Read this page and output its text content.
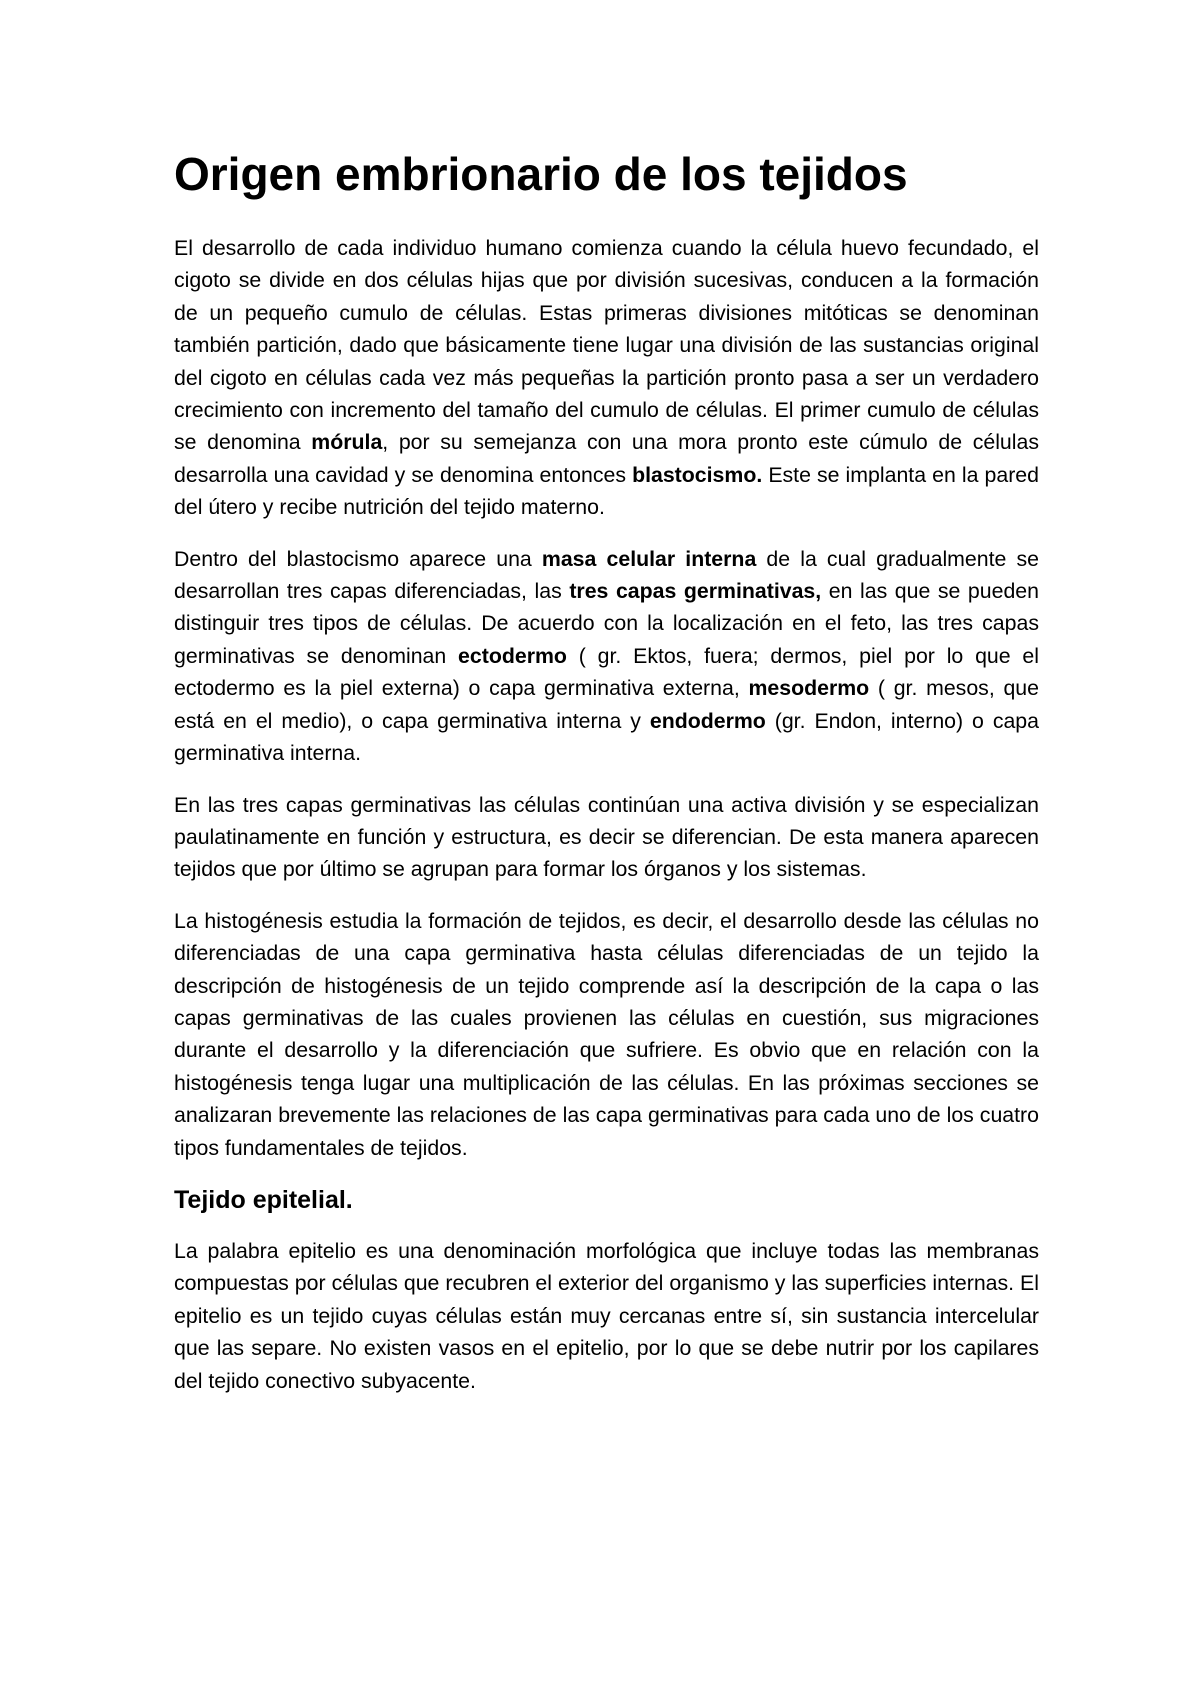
Origen embrionario de los tejidos

El desarrollo de cada individuo humano comienza cuando la célula huevo fecundado, el cigoto se divide en dos células hijas que por división sucesivas, conducen a la formación de un pequeño cumulo de células. Estas primeras divisiones mitóticas se denominan también partición, dado que básicamente tiene lugar una división de las sustancias original del cigoto en células cada vez más pequeñas la partición pronto pasa a ser un verdadero crecimiento con incremento del tamaño del cumulo de células. El primer cumulo de células se denomina mórula, por su semejanza con una mora pronto este cúmulo de células desarrolla una cavidad y se denomina entonces blastocismo. Este se implanta en la pared del útero y recibe nutrición del tejido materno.

Dentro del blastocismo aparece una masa celular interna de la cual gradualmente se desarrollan tres capas diferenciadas, las tres capas germinativas, en las que se pueden distinguir tres tipos de células. De acuerdo con la localización en el feto, las tres capas germinativas se denominan ectodermo ( gr. Ektos, fuera; dermos, piel por lo que el ectodermo es la piel externa) o capa germinativa externa, mesodermo ( gr. mesos, que está en el medio), o capa germinativa interna y endodermo (gr. Endon, interno) o capa germinativa interna.

En las tres capas germinativas las células continúan una activa división y se especializan paulatinamente en función y estructura, es decir se diferencian. De esta manera aparecen tejidos que por último se agrupan para formar los órganos y los sistemas.

La histogénesis estudia la formación de tejidos, es decir, el desarrollo desde las células no diferenciadas de una capa germinativa hasta células diferenciadas de un tejido la descripción de histogénesis de un tejido comprende así la descripción de la capa o las capas germinativas de las cuales provienen las células en cuestión, sus migraciones durante el desarrollo y la diferenciación que sufriere. Es obvio que en relación con la histogénesis tenga lugar una multiplicación de las células. En las próximas secciones se analizaran brevemente las relaciones de las capa germinativas para cada uno de los cuatro tipos fundamentales de tejidos.

Tejido epitelial.

La palabra epitelio es una denominación morfológica que incluye todas las membranas compuestas por células que recubren el exterior del organismo y las superficies internas. El epitelio es un tejido cuyas células están muy cercanas entre sí, sin sustancia intercelular que las separe. No existen vasos en el epitelio, por lo que se debe nutrir por los capilares del tejido conectivo subyacente.
